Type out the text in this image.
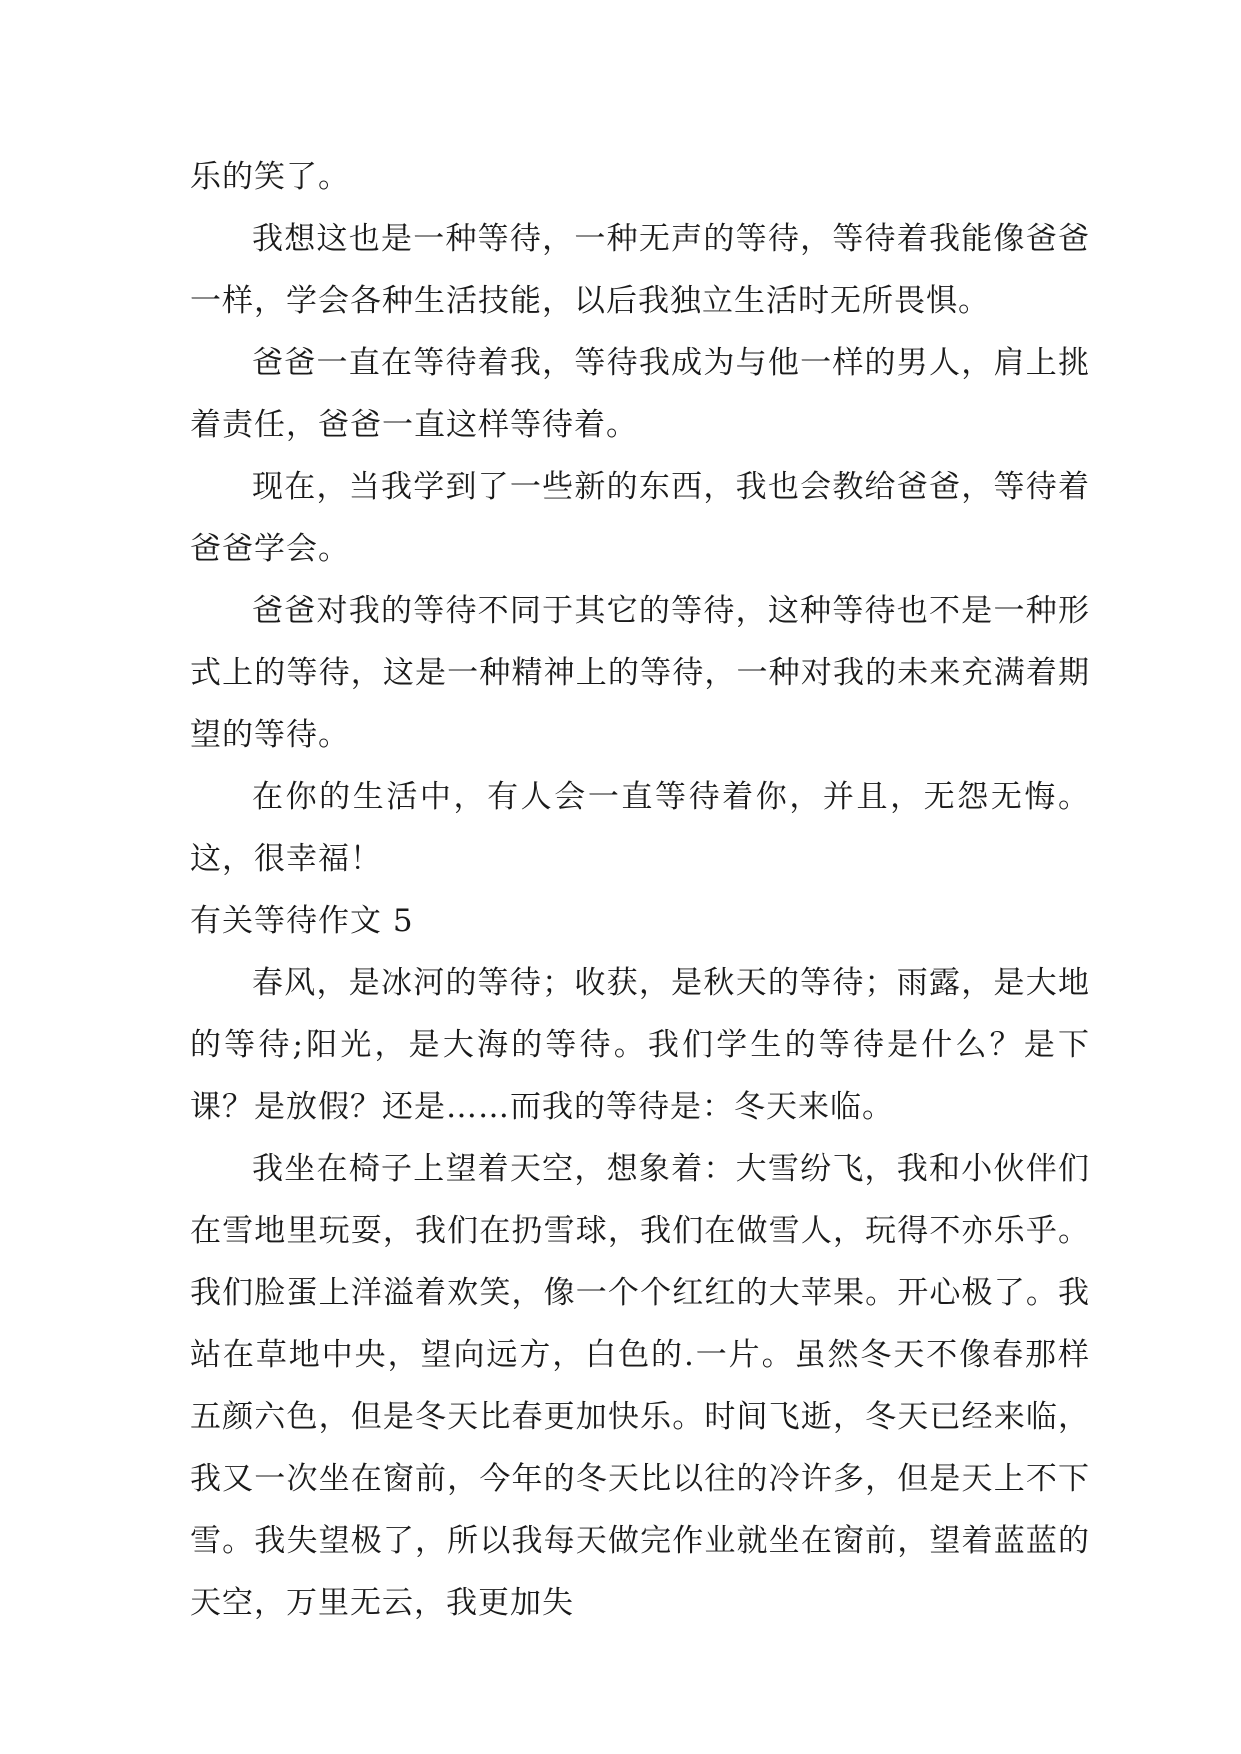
乐的笑了。

我想这也是一种等待，一种无声的等待，等待着我能像爸爸一样，学会各种生活技能，以后我独立生活时无所畏惧。

爸爸一直在等待着我，等待我成为与他一样的男人，肩上挑着责任，爸爸一直这样等待着。

现在，当我学到了一些新的东西，我也会教给爸爸，等待着爸爸学会。

爸爸对我的等待不同于其它的等待，这种等待也不是一种形式上的等待，这是一种精神上的等待，一种对我的未来充满着期望的等待。

在你的生活中，有人会一直等待着你，并且，无怨无悔。这，很幸福！

有关等待作文 5

春风，是冰河的等待；收获，是秋天的等待；雨露，是大地的等待;阳光，是大海的等待。我们学生的等待是什么？是下课？是放假？还是……而我的等待是：冬天来临。

我坐在椅子上望着天空，想象着：大雪纷飞，我和小伙伴们在雪地里玩耍，我们在扔雪球，我们在做雪人，玩得不亦乐乎。我们脸蛋上洋溢着欢笑，像一个个红红的大苹果。开心极了。我站在草地中央，望向远方，白色的.一片。虽然冬天不像春那样五颜六色，但是冬天比春更加快乐。时间飞逝，冬天已经来临，我又一次坐在窗前，今年的冬天比以往的冷许多，但是天上不下雪。我失望极了，所以我每天做完作业就坐在窗前，望着蓝蓝的天空，万里无云，我更加失
